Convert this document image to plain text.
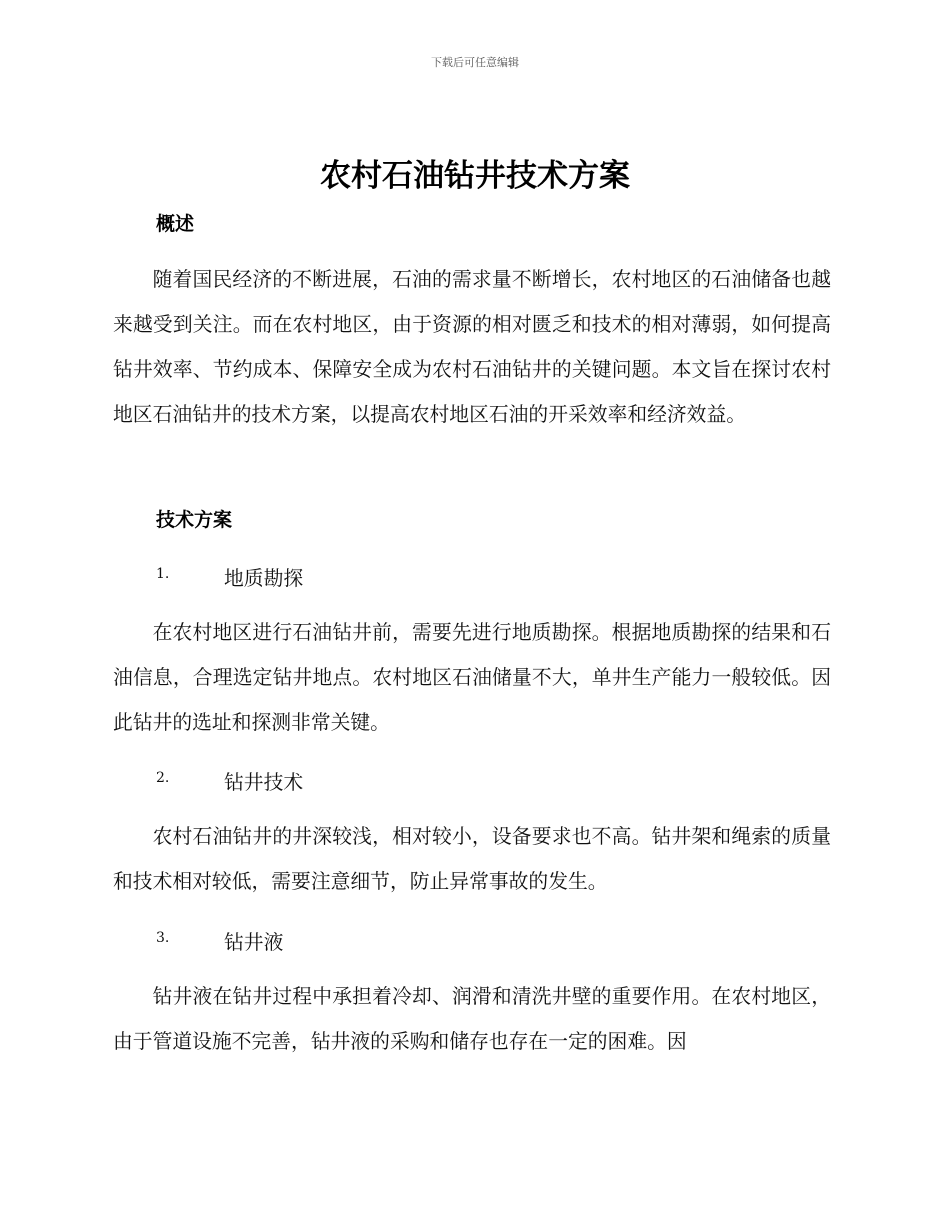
下载后可任意编辑
农村石油钻井技术方案
概述
随着国民经济的不断进展，石油的需求量不断增长，农村地区的石油储备也越来越受到关注。而在农村地区，由于资源的相对匮乏和技术的相对薄弱，如何提高钻井效率、节约成本、保障安全成为农村石油钻井的关键问题。本文旨在探讨农村地区石油钻井的技术方案，以提高农村地区石油的开采效率和经济效益。
技术方案
1.	地质勘探
在农村地区进行石油钻井前，需要先进行地质勘探。根据地质勘探的结果和石油信息，合理选定钻井地点。农村地区石油储量不大，单井生产能力一般较低。因此钻井的选址和探测非常关键。
2.	钻井技术
农村石油钻井的井深较浅，相对较小，设备要求也不高。钻井架和绳索的质量和技术相对较低，需要注意细节，防止异常事故的发生。
3.	钻井液
钻井液在钻井过程中承担着冷却、润滑和清洗井壁的重要作用。在农村地区，由于管道设施不完善，钻井液的采购和储存也存在一定的困难。因
